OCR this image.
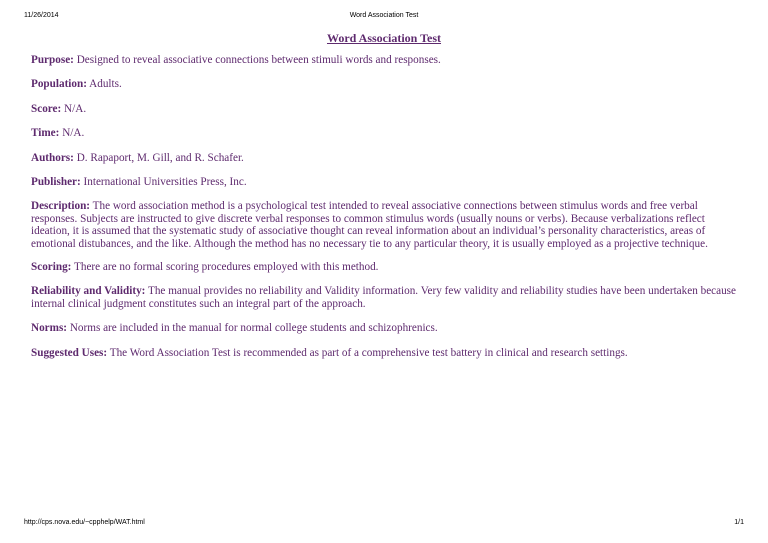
11/26/2014	Word Association Test
Word Association Test

Purpose: Designed to reveal associative connections between stimuli words and responses.

Population: Adults.

Score: N/A.

Time: N/A.

Authors: D. Rapaport, M. Gill, and R. Schafer.

Publisher: International Universities Press, Inc.

Description: The word association method is a psychological test intended to reveal associative connections between stimulus words and free verbal responses. Subjects are instructed to give discrete verbal responses to common stimulus words (usually nouns or verbs). Because verbalizations reflect ideation, it is assumed that the systematic study of associative thought can reveal information about an individual’s personality characteristics, areas of emotional distubances, and the like. Although the method has no necessary tie to any particular theory, it is usually employed as a projective technique.

Scoring: There are no formal scoring procedures employed with this method.

Reliability and Validity: The manual provides no reliability and Validity information. Very few validity and reliability studies have been undertaken because internal clinical judgment constitutes such an integral part of the approach.

Norms: Norms are included in the manual for normal college students and schizophrenics.

Suggested Uses: The Word Association Test is recommended as part of a comprehensive test battery in clinical and research settings.

http://cps.nova.edu/~cpphelp/WAT.html	1/1
